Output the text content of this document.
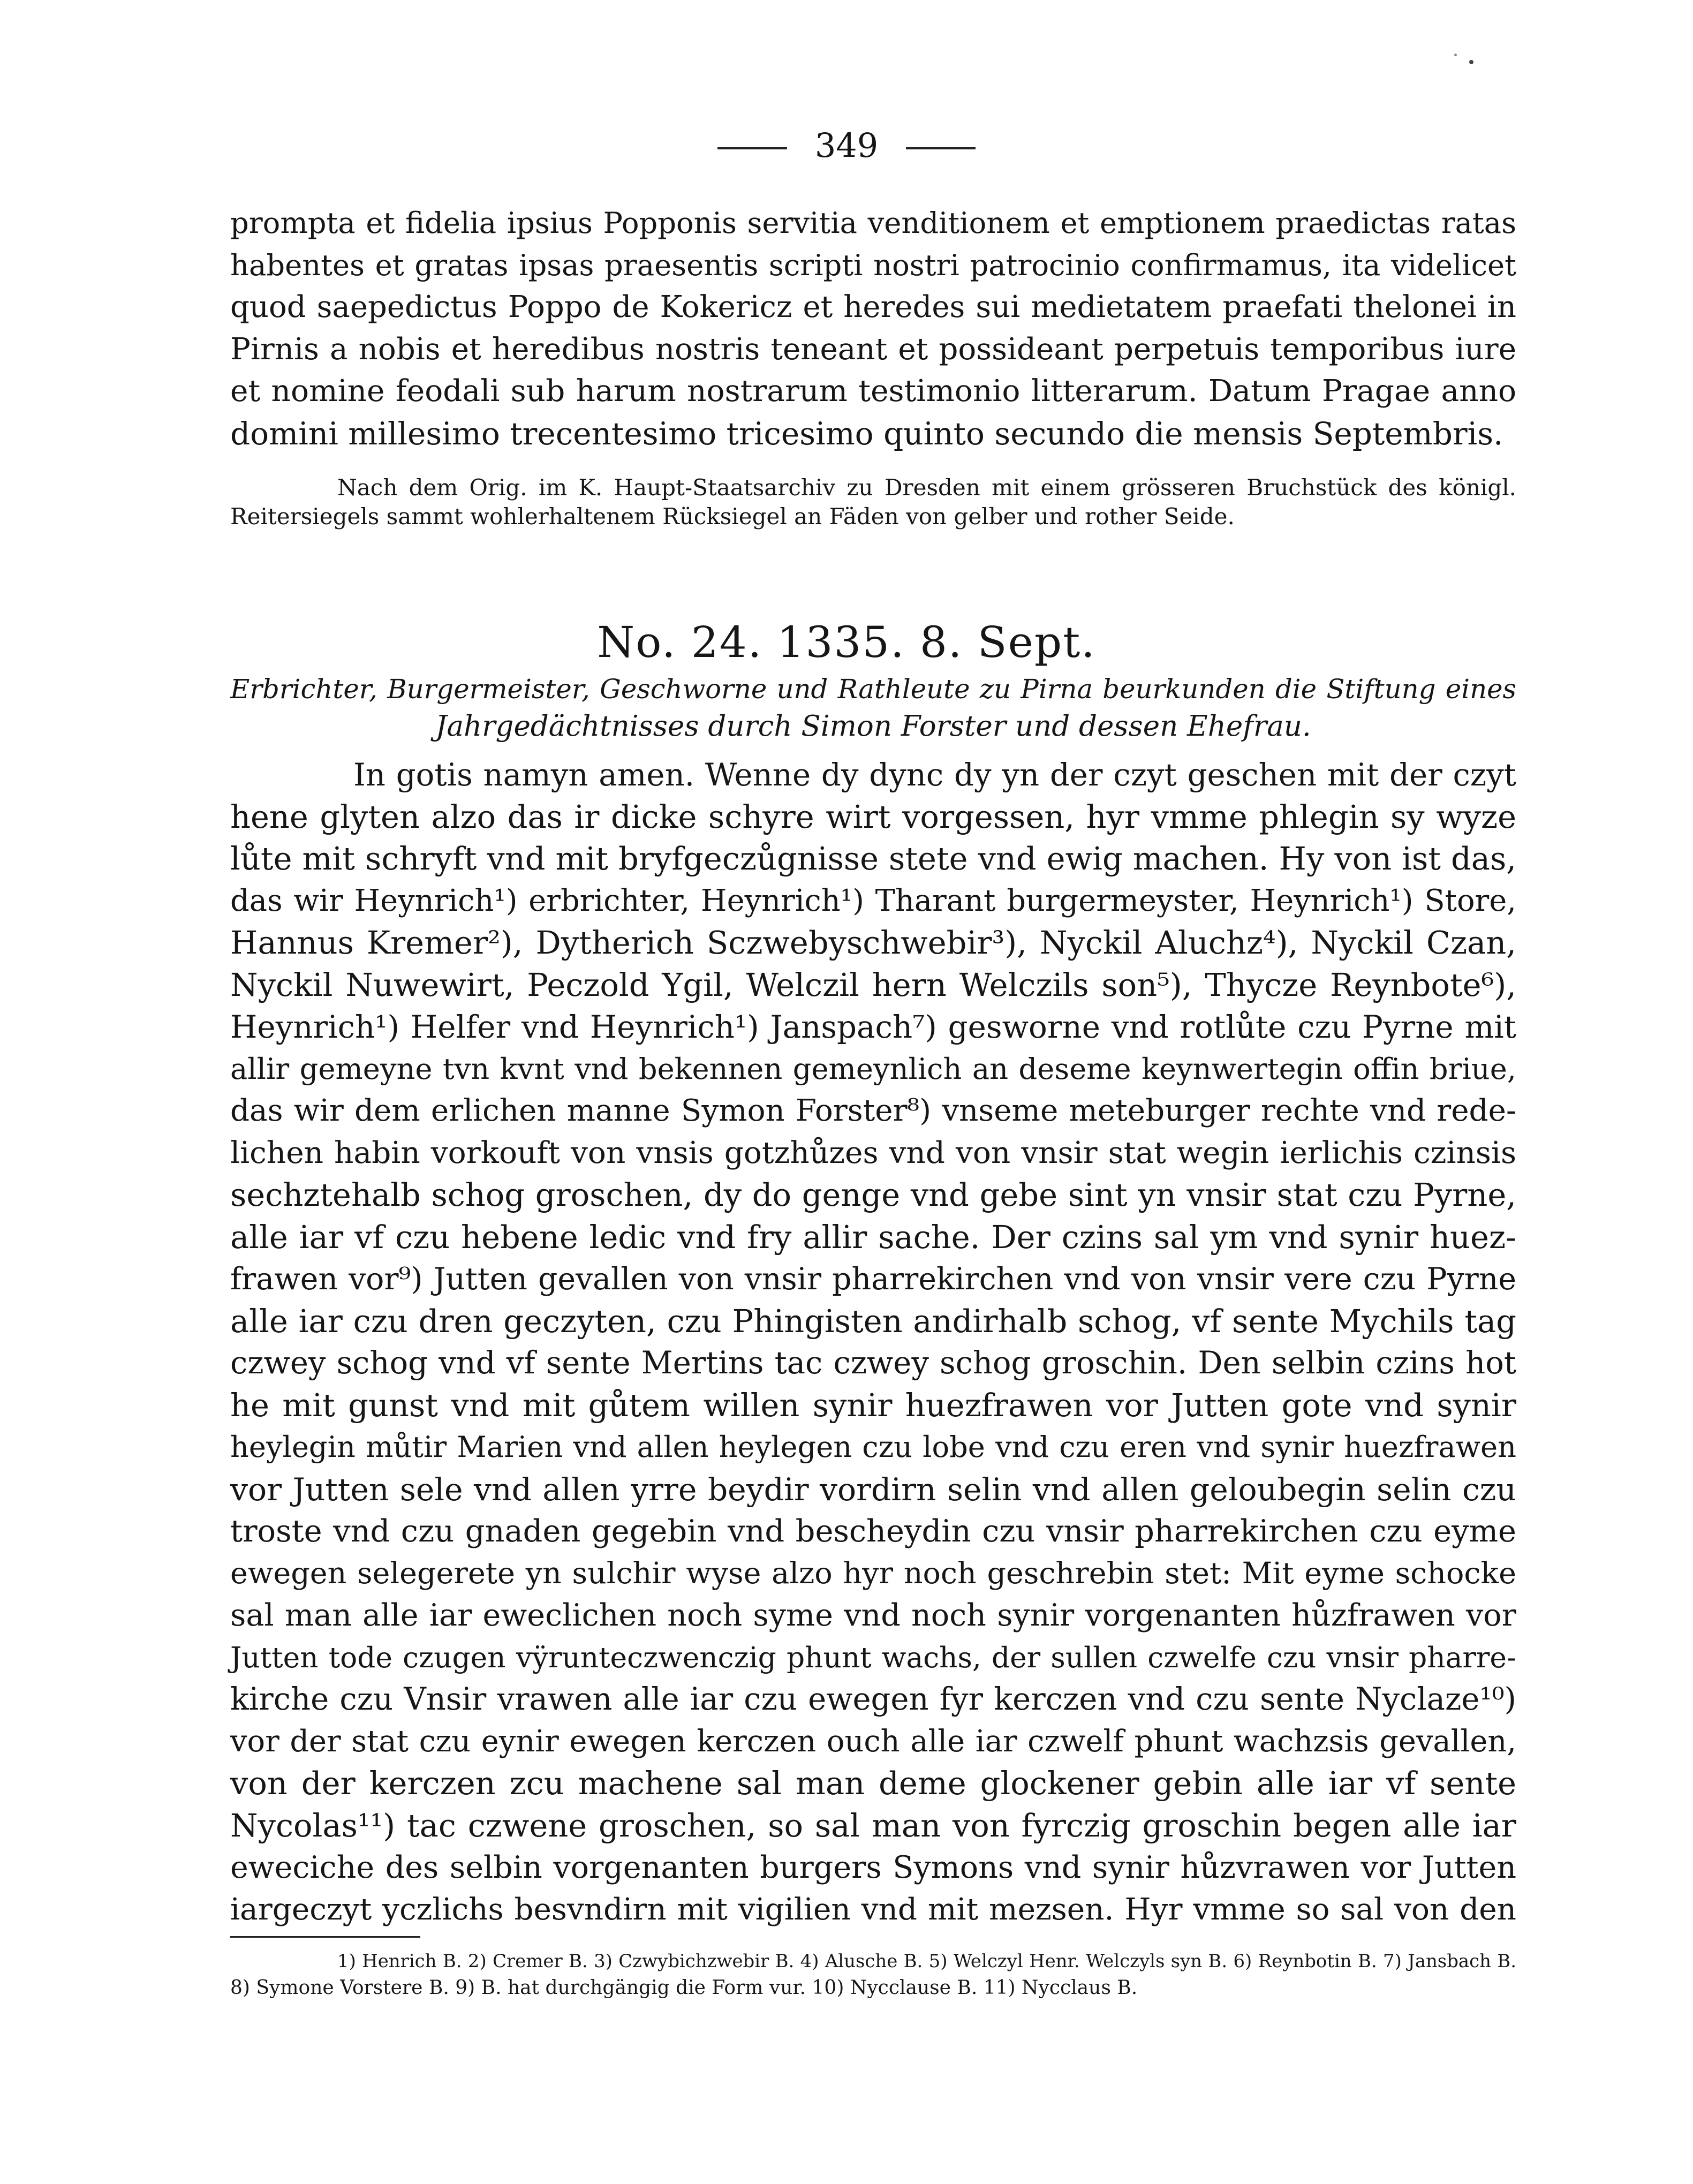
349
prompta et fidelia ipsius Popponis servitia venditionem et emptionem praedictas ratas
habentes et gratas ipsas praesentis scripti nostri patrocinio confirmamus, ita videlicet
quod saepedictus Poppo de Kokericz et heredes sui medietatem praefati thelonei in
Pirnis a nobis et heredibus nostris teneant et possideant perpetuis temporibus iure
et nomine feodali sub harum nostrarum testimonio litterarum. Datum Pragae anno
domini millesimo trecentesimo tricesimo quinto secundo die mensis Septembris.
Nach dem Orig. im K. Haupt-Staatsarchiv zu Dresden mit einem grösseren Bruchstück des königl.
Reitersiegels sammt wohlerhaltenem Rücksiegel an Fäden von gelber und rother Seide.
No. 24. 1335. 8. Sept.
Erbrichter, Burgermeister, Geschworne und Rathleute zu Pirna beurkunden die Stiftung eines
Jahrgedächtnisses durch Simon Forster und dessen Ehefrau.
In gotis namyn amen. Wenne dy dync dy yn der czyt geschen mit der czyt
hene glyten alzo das ir dicke schyre wirt vorgessen, hyr vmme phlegin sy wyze
lůte mit schryft vnd mit bryfgeczůgnisse stete vnd ewig machen. Hy von ist das,
das wir Heynrich¹) erbrichter, Heynrich¹) Tharant burgermeyster, Heynrich¹) Store,
Hannus Kremer²), Dytherich Sczwebyschwebir³), Nyckil Aluchz⁴), Nyckil Czan,
Nyckil Nuwewirt, Peczold Ygil, Welczil hern Welczils son⁵), Thycze Reynbote⁶),
Heynrich¹) Helfer vnd Heynrich¹) Janspach⁷) gesworne vnd rotlůte czu Pyrne mit
allir gemeyne tvn kvnt vnd bekennen gemeynlich an deseme keynwertegin offin briue,
das wir dem erlichen manne Symon Forster⁸) vnseme meteburger rechte vnd rede-
lichen habin vorkouft von vnsis gotzhůzes vnd von vnsir stat wegin ierlichis czinsis
sechztehalb schog groschen, dy do genge vnd gebe sint yn vnsir stat czu Pyrne,
alle iar vf czu hebene ledic vnd fry allir sache. Der czins sal ym vnd synir huez-
frawen vor⁹) Jutten gevallen von vnsir pharrekirchen vnd von vnsir vere czu Pyrne
alle iar czu dren geczyten, czu Phingisten andirhalb schog, vf sente Mychils tag
czwey schog vnd vf sente Mertins tac czwey schog groschin. Den selbin czins hot
he mit gunst vnd mit gůtem willen synir huezfrawen vor Jutten gote vnd synir
heylegin můtir Marien vnd allen heylegen czu lobe vnd czu eren vnd synir huezfrawen
vor Jutten sele vnd allen yrre beydir vordirn selin vnd allen geloubegin selin czu
troste vnd czu gnaden gegebin vnd bescheydin czu vnsir pharrekirchen czu eyme
ewegen selegerete yn sulchir wyse alzo hyr noch geschrebin stet: Mit eyme schocke
sal man alle iar eweclichen noch syme vnd noch synir vorgenanten hůzfrawen vor
Jutten tode czugen vÿrunteczwenczig phunt wachs, der sullen czwelfe czu vnsir pharre-
kirche czu Vnsir vrawen alle iar czu ewegen fyr kerczen vnd czu sente Nyclaze¹⁰)
vor der stat czu eynir ewegen kerczen ouch alle iar czwelf phunt wachzsis gevallen,
von der kerczen zcu machene sal man deme glockener gebin alle iar vf sente
Nycolas¹¹) tac czwene groschen, so sal man von fyrczig groschin begen alle iar
eweciche des selbin vorgenanten burgers Symons vnd synir hůzvrawen vor Jutten
iargeczyt yczlichs besvndirn mit vigilien vnd mit mezsen. Hyr vmme so sal von den
1) Henrich B. 2) Cremer B. 3) Czwybichzwebir B. 4) Alusche B. 5) Welczyl Henr. Welczyls syn B. 6) Reynbotin B. 7) Jansbach B.
8) Symone Vorstere B. 9) B. hat durchgängig die Form vur. 10) Nycclause B. 11) Nycclaus B.
